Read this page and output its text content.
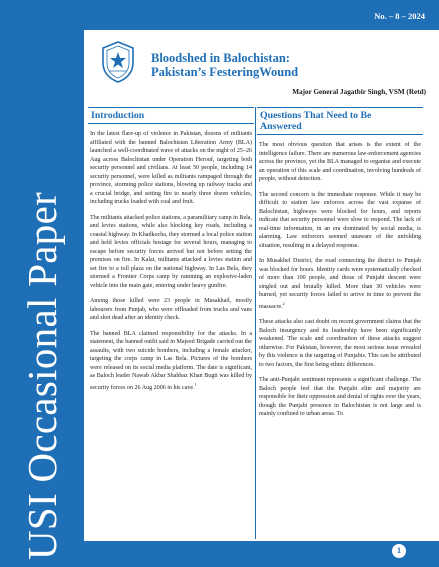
No. – 8 – 2024
USI Occasional Paper
Bloodshed in Balochistan:
Pakistan’s FesteringWound
Major General Jagatbir Singh, VSM (Retd)
Introduction

In the latest flare-up of violence in Pakistan, dozens of militants affiliated with the banned Balochistan Liberation Army (BLA) launched a well-coordinated wave of attacks on the night of 25–26 Aug across Balochistan under Operation Herouf, targeting both security personnel and civilians. At least 50 people, including 14 security personnel, were killed as militants rampaged through the province, storming police stations, blowing up railway tracks and a crucial bridge, and setting fire to nearly three dozen vehicles, including trucks loaded with coal and fruit.

The militants attacked police stations, a paramilitary camp in Bela, and levies stations, while also blocking key roads, including a coastal highway. In Khadkocha, they stormed a local police station and held levies officials hostage for several hours, managing to escape before security forces arrived but not before setting the premises on fire. In Kalat, militants attacked a levies station and set fire to a toll plaza on the national highway. In Las Bela, they stormed a Frontier Corps camp by ramming an explosive-laden vehicle into the main gate, entering under heavy gunfire.

Among those killed were 23 people in Musakhail, mostly labourers from Punjab, who were offloaded from trucks and vans and shot dead after an identity check.

The banned BLA claimed responsibility for the attacks. In a statement, the banned outfit said in Majeed Brigade carried out the assaults, with two suicide bombers, including a female attacker, targeting the corps camp in Las Bela. Pictures of the bombers were released on its social media platform. The date is significant, as Baloch leader Nawab Akbar Shahbaz Khan Bugti was killed by security forces on 26 Aug 2006 in his cave.$^1$

Questions That Need to Be
Answered

The most obvious question that arises is the extent of the intelligence failure. There are numerous law-enforcement agencies across the province, yet the BLA managed to organise and execute an operation of this scale and coordination, involving hundreds of people, without detection.

The second concern is the immediate response. While it may be difficult to station law enforces across the vast expanse of Balochistan, highways were blocked for hours, and reports indicate that security personnel were slow to respond. The lack of real-time information, in an era dominated by social media, is alarming. Law enforcers seemed unaware of the unfolding situation, resulting in a delayed response.

In Musakhel District, the road connecting the district to Punjab was blocked for hours. Identity cards were systematically checked of more than 100 people, and those of Punjabi descent were singled out and brutally killed. More than 30 vehicles were burned, yet security forces failed to arrive in time to prevent the massacre.$^2$

These attacks also cast doubt on recent government claims that the Baloch insurgency and its leadership have been significantly weakened. The scale and coordination of these attacks suggest otherwise. For Pakistan, however, the most serious issue revealed by this violence is the targeting of Punjabis. This can be attributed to two factors, the first being ethnic differences.

The anti-Punjabi sentiment represents a significant challenge. The Baloch people feel that the Punjabi elite and majority are responsible for their oppression and denial of rights over the years, though the Punjabi presence in Balochistan is not large and is mainly confined to urban areas. To

1
